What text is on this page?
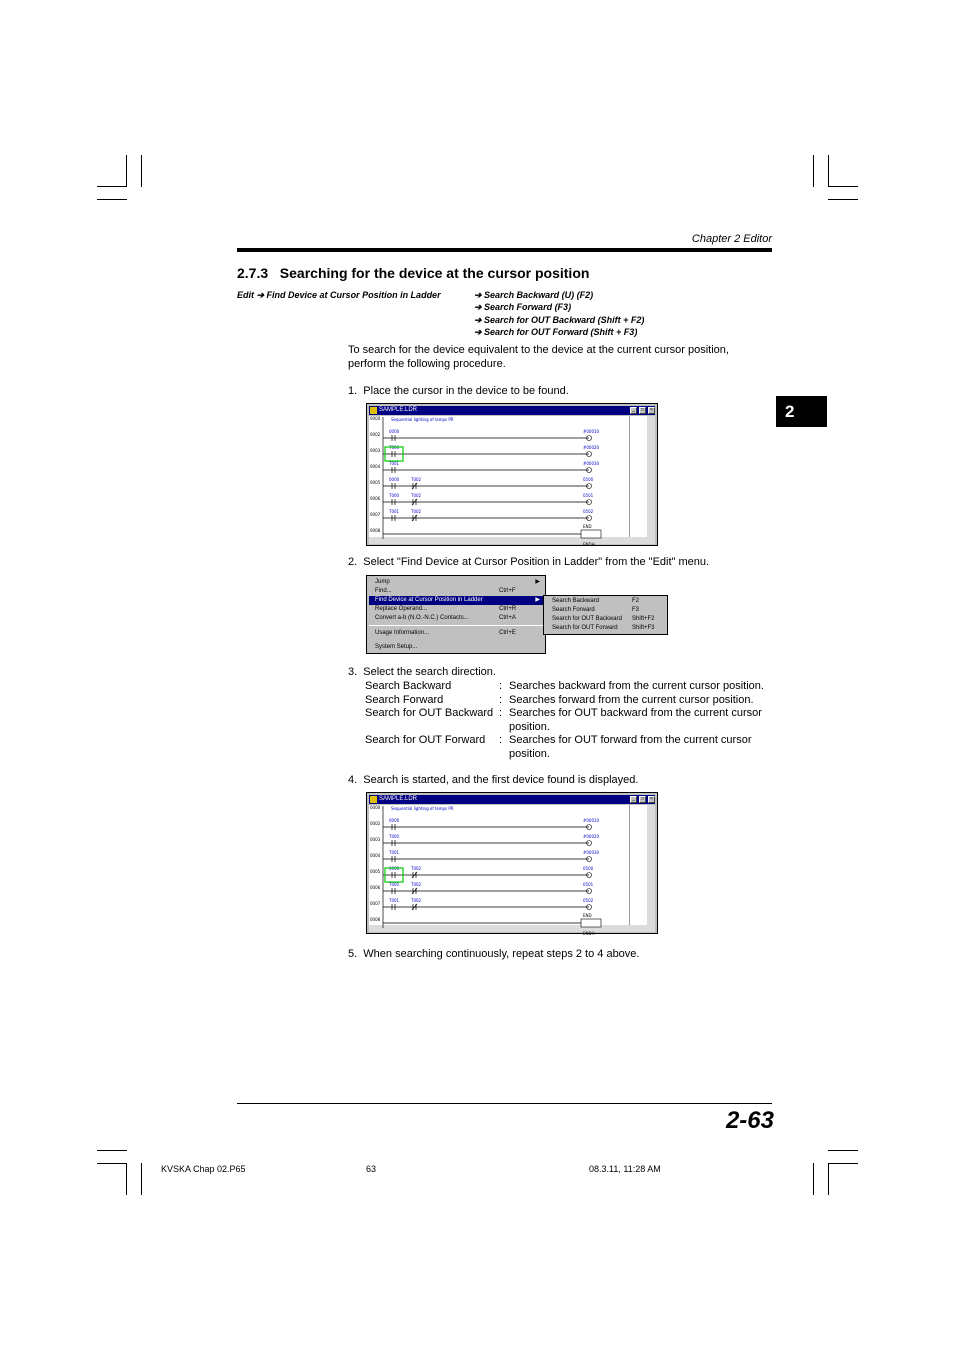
Chapter 2 Editor
2
2.7.3   Searching for the device at the cursor position
Edit ➔ Find Device at Cursor Position in Ladder	➔ Search Backward (U) (F2)
➔ Search Forward (F3)
➔ Search for OUT Backward (Shift + F2)
➔ Search for OUT Forward (Shift + F3)
To search for the device equivalent to the device at the current cursor position,
perform the following procedure.
1.  Place the cursor in the device to be found.
SAMPLE.LDR	_	□	×
Sequential lighting of lamps PR
0000
0002
0003
0004
0005
0006
0007
0008
0000
T000
T001
0000
T000
T001
T002
T002
T002
#00010
#00020
#00030
0500
0501
0502
END
ENDH
2.  Select "Find Device at Cursor Position in Ladder" from the "Edit" menu.
Jump	▶
Find...	Ctrl+F
Find Device at Cursor Position in Ladder	▶
Replace Operand...	Ctrl+R
Convert a-b (N.O.-N.C.) Contacts...	Ctrl+A
Usage Information...	Ctrl+E
System Setup...
Search Backward	F2
Search Forward	F3
Search for OUT Backward Shift+F2
Search for OUT Forward Shift+F3
3.  Select the search direction.
Search Backward	: Searches backward from the current cursor position.
Search Forward	: Searches forward from the current cursor position.
Search for OUT Backward : Searches for OUT backward from the current cursor
position.
Search for OUT Forward : Searches for OUT forward from the current cursor
position.
4.  Search is started, and the first device found is displayed.
SAMPLE.LDR	_	□	×
Sequential lighting of lamps PR
0000
0002
0003
0004
0005
0006
0007
0008
0000
T000
T001
0000
T000
T001
T002
T002
T002
#00010
#00020
#00030
0500
0501
0502
END
ENDH
5.  When searching continuously, repeat steps 2 to 4 above.
2-63
KVSKA Chap 02.P65	63	08.3.11, 11:28 AM
